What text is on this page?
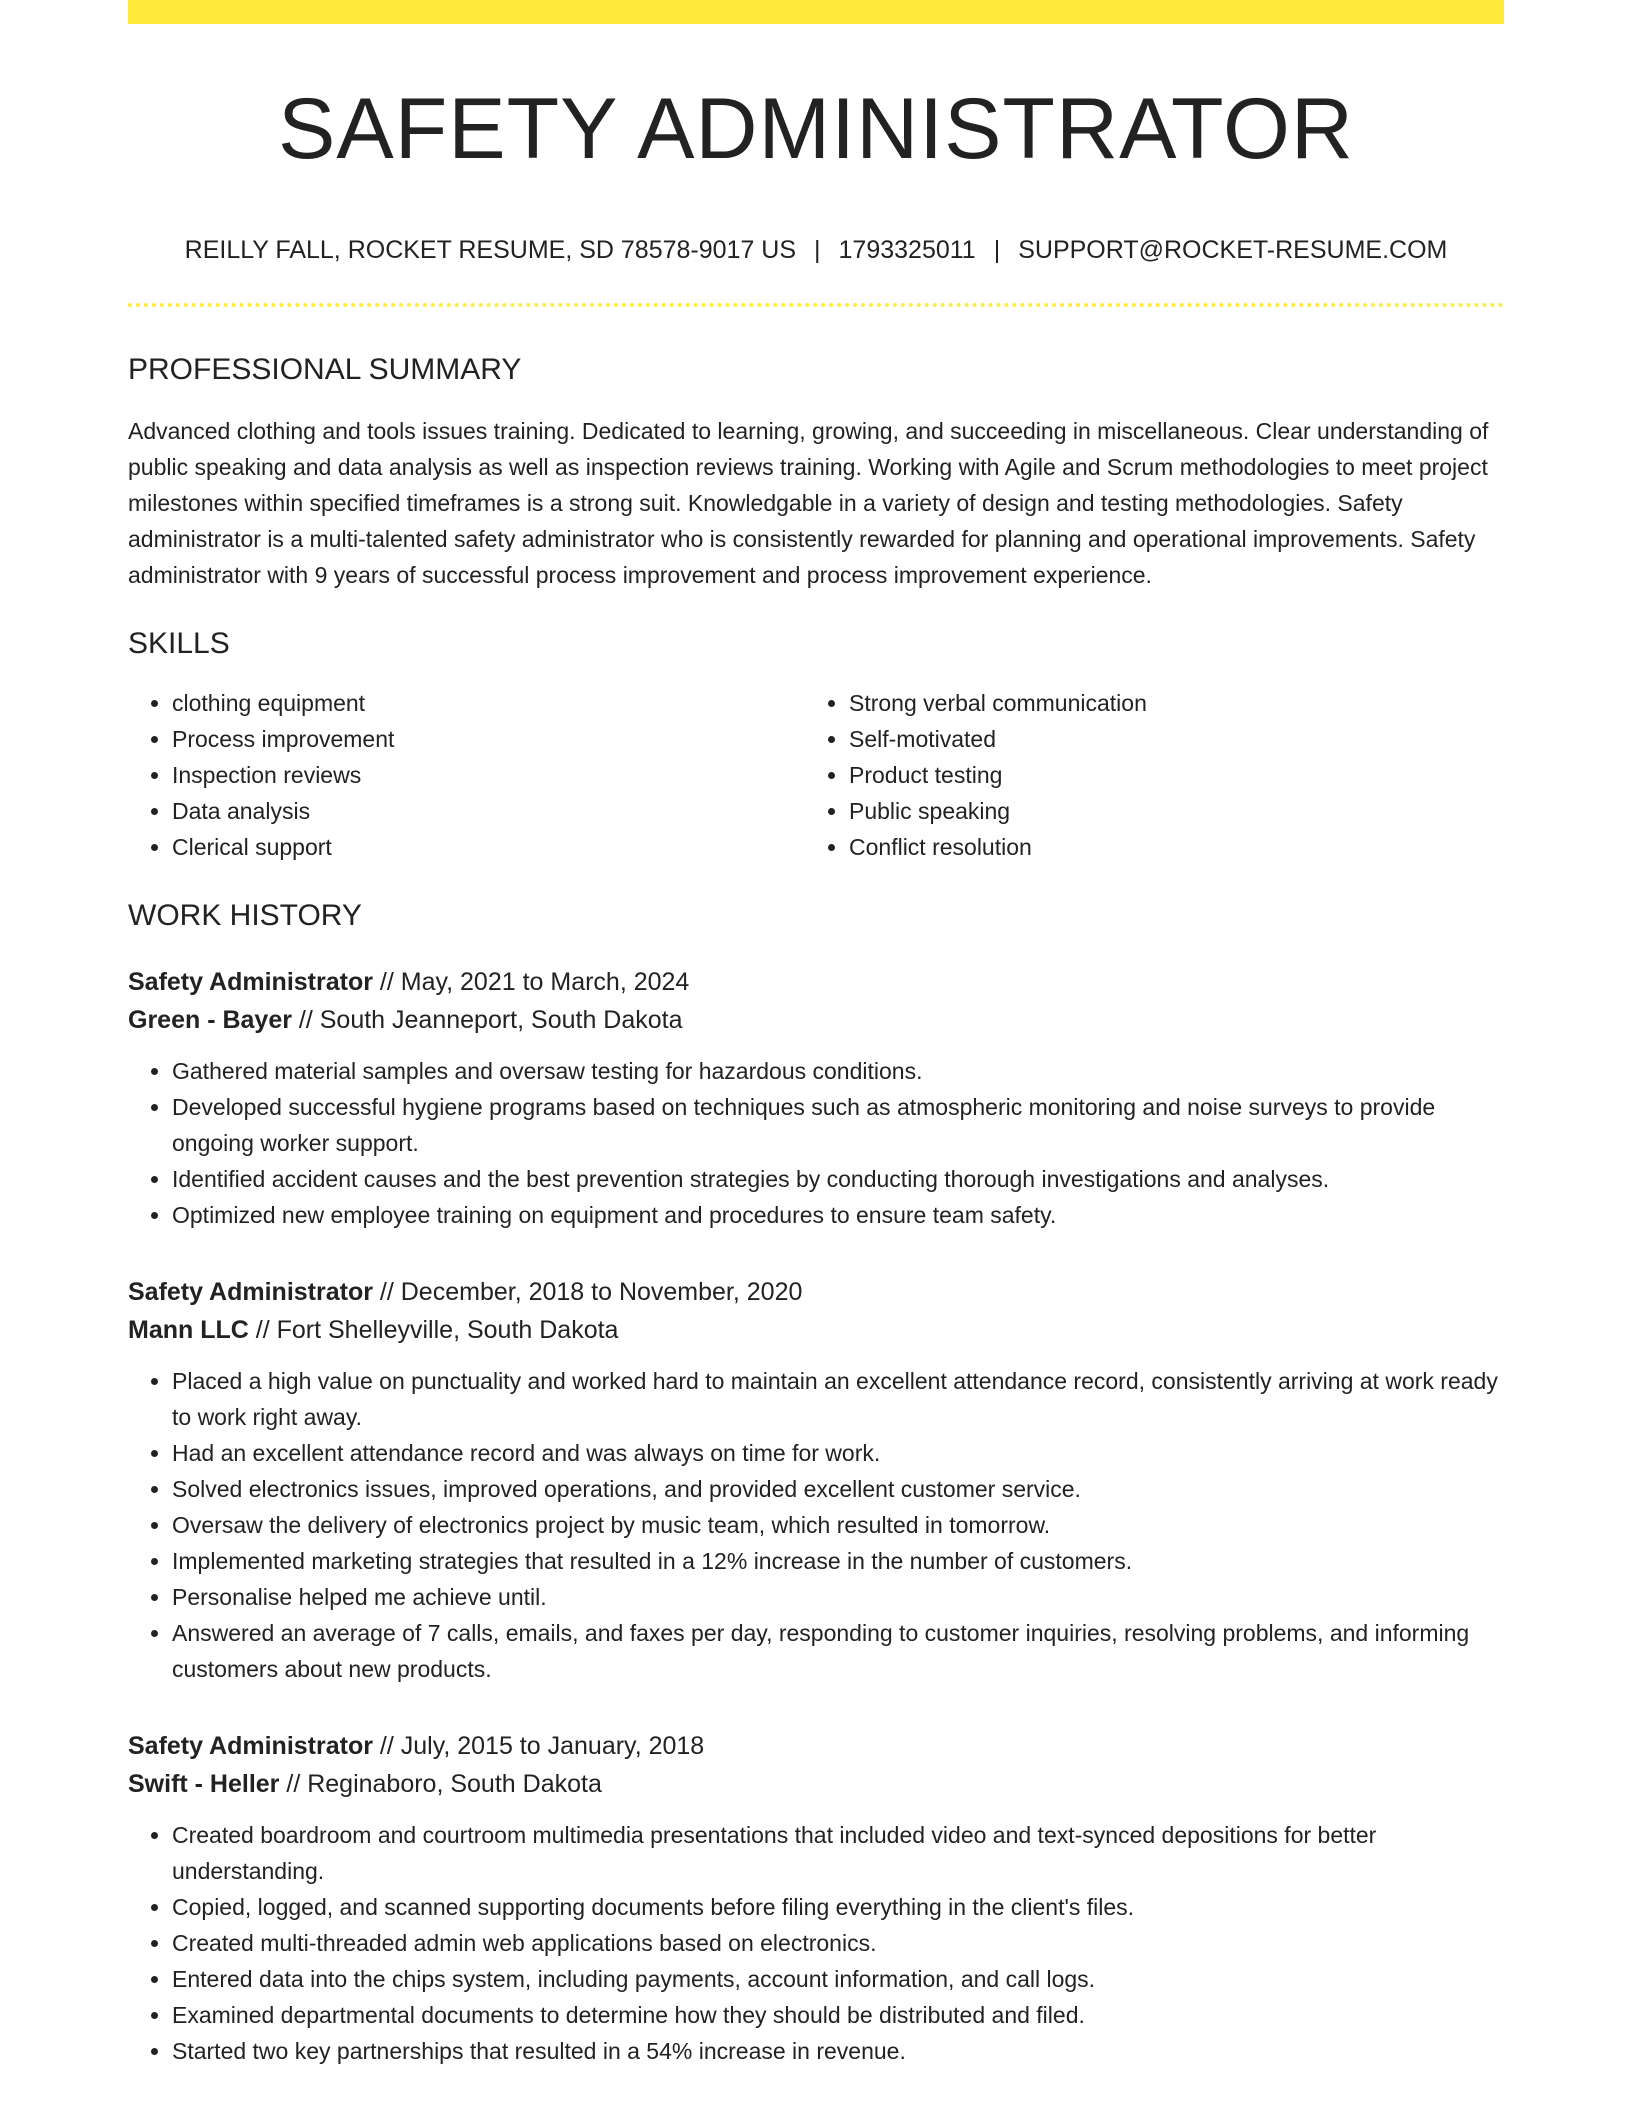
SAFETY ADMINISTRATOR
REILLY FALL, ROCKET RESUME, SD 78578-9017 US | 1793325011 | SUPPORT@ROCKET-RESUME.COM
PROFESSIONAL SUMMARY

Advanced clothing and tools issues training. Dedicated to learning, growing, and succeeding in miscellaneous. Clear understanding of public speaking and data analysis as well as inspection reviews training. Working with Agile and Scrum methodologies to meet project milestones within specified timeframes is a strong suit. Knowledgable in a variety of design and testing methodologies. Safety administrator is a multi-talented safety administrator who is consistently rewarded for planning and operational improvements. Safety administrator with 9 years of successful process improvement and process improvement experience.

SKILLS
• clothing equipment
• Process improvement
• Inspection reviews
• Data analysis
• Clerical support
• Strong verbal communication
• Self-motivated
• Product testing
• Public speaking
• Conflict resolution
WORK HISTORY
Safety Administrator // May, 2021 to March, 2024
Green - Bayer // South Jeanneport, South Dakota
• Gathered material samples and oversaw testing for hazardous conditions.
• Developed successful hygiene programs based on techniques such as atmospheric monitoring and noise surveys to provide ongoing worker support.
• Identified accident causes and the best prevention strategies by conducting thorough investigations and analyses.
• Optimized new employee training on equipment and procedures to ensure team safety.
Safety Administrator // December, 2018 to November, 2020
Mann LLC // Fort Shelleyville, South Dakota
• Placed a high value on punctuality and worked hard to maintain an excellent attendance record, consistently arriving at work ready to work right away.
• Had an excellent attendance record and was always on time for work.
• Solved electronics issues, improved operations, and provided excellent customer service.
• Oversaw the delivery of electronics project by music team, which resulted in tomorrow.
• Implemented marketing strategies that resulted in a 12% increase in the number of customers.
• Personalise helped me achieve until.
• Answered an average of 7 calls, emails, and faxes per day, responding to customer inquiries, resolving problems, and informing customers about new products.
Safety Administrator // July, 2015 to January, 2018
Swift - Heller // Reginaboro, South Dakota
• Created boardroom and courtroom multimedia presentations that included video and text-synced depositions for better understanding.
• Copied, logged, and scanned supporting documents before filing everything in the client's files.
• Created multi-threaded admin web applications based on electronics.
• Entered data into the chips system, including payments, account information, and call logs.
• Examined departmental documents to determine how they should be distributed and filed.
• Started two key partnerships that resulted in a 54% increase in revenue.
